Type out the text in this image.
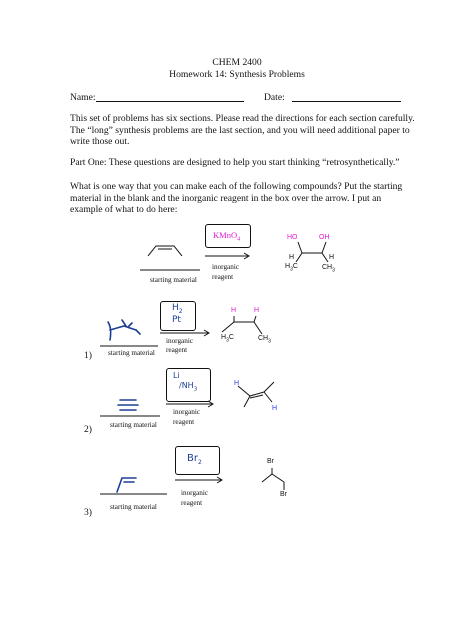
CHEM 2400
Homework 14: Synthesis Problems
Name:	Date:
This set of problems has six sections. Please read the directions for each section carefully. The “long” synthesis problems are the last section, and you will need additional paper to write those out.
Part One: These questions are designed to help you start thinking “retrosynthetically.”
What is one way that you can make each of the following compounds? Put the starting material in the blank and the inorganic reagent in the box over the arrow. I put an example of what to do here:
KMnO$_4$	HO	OH
H	H
$H_3C$	$CH_3$
inorganic
reagent
starting material
$H_2$
Pt
H	H
$H_3C$	$CH_3$
inorganic
reagent
starting material
1)
Li
$/NH_3$
H
H
inorganic
reagent
starting material
2)
$Br_2$	Br
Br
inorganic
reagent
starting material
3)
